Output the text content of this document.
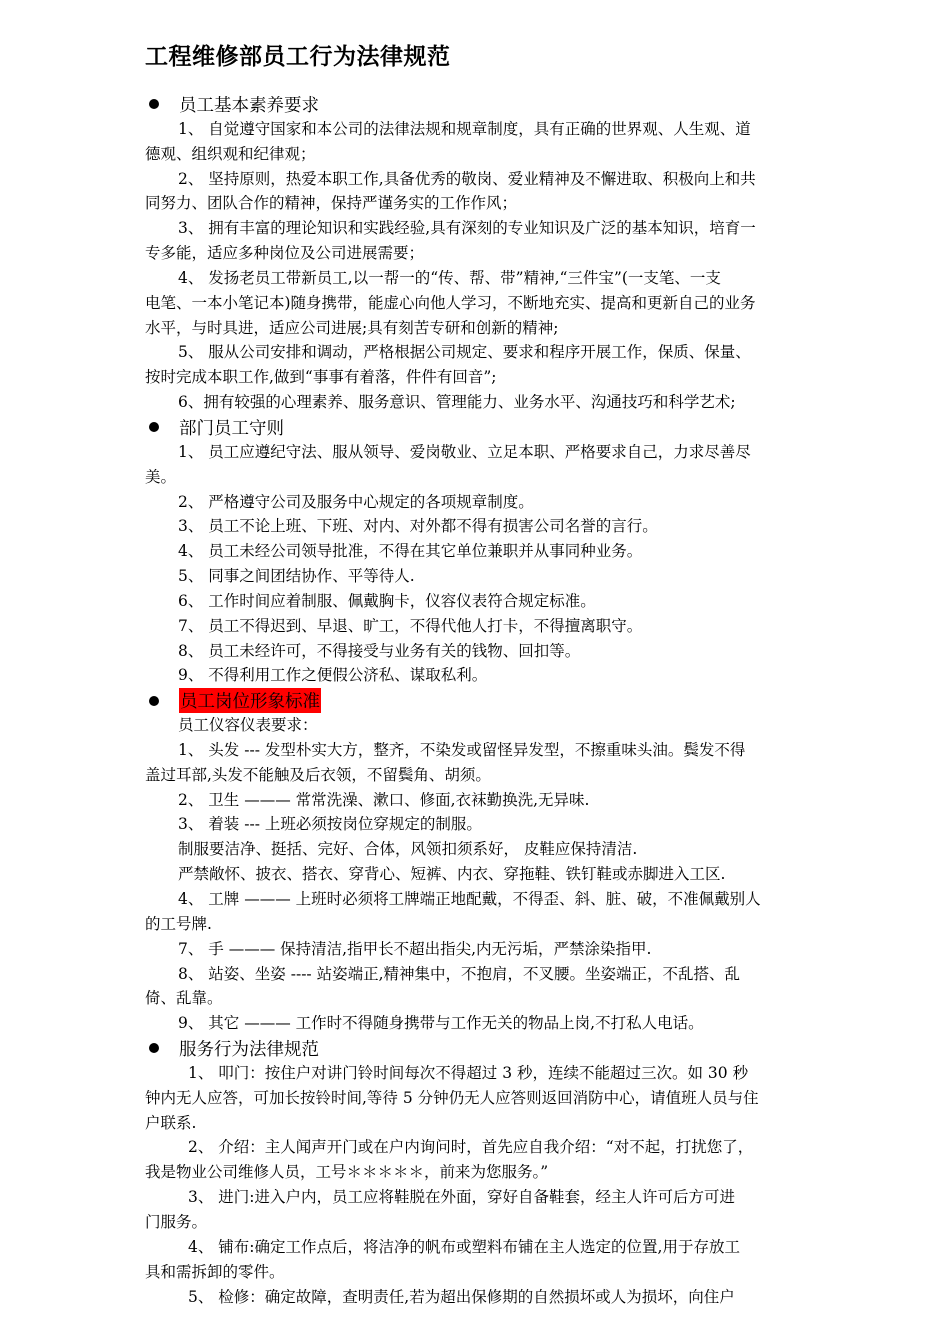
工程维修部员工行为法律规范
员工基本素养要求
1、 自觉遵守国家和本公司的法律法规和规章制度，具有正确的世界观、人生观、道
德观、组织观和纪律观；
2、 坚持原则，热爱本职工作,具备优秀的敬岗、爱业精神及不懈进取、积极向上和共
同努力、团队合作的精神，保持严谨务实的工作作风；
3、 拥有丰富的理论知识和实践经验,具有深刻的专业知识及广泛的基本知识，培育一
专多能，适应多种岗位及公司进展需要；
4、 发扬老员工带新员工,以一帮一的“传、帮、带”精神,“三件宝”(一支笔、一支
电笔、一本小笔记本)随身携带，能虚心向他人学习，不断地充实、提高和更新自己的业务
水平，与时具进，适应公司进展;具有刻苦专研和创新的精神;
5、 服从公司安排和调动，严格根据公司规定、要求和程序开展工作，保质、保量、
按时完成本职工作,做到“事事有着落，件件有回音”;
6、拥有较强的心理素养、服务意识、管理能力、业务水平、沟通技巧和科学艺术;
部门员工守则
1、 员工应遵纪守法、服从领导、爱岗敬业、立足本职、严格要求自己，力求尽善尽
美。
2、 严格遵守公司及服务中心规定的各项规章制度。
3、 员工不论上班、下班、对内、对外都不得有损害公司名誉的言行。
4、 员工未经公司领导批准，不得在其它单位兼职并从事同种业务。
5、 同事之间团结协作、平等待人.
6、 工作时间应着制服、佩戴胸卡，仪容仪表符合规定标准。
7、 员工不得迟到、早退、旷工，不得代他人打卡，不得擅离职守。
8、 员工未经许可，不得接受与业务有关的钱物、回扣等。
9、 不得利用工作之便假公济私、谋取私利。
员工岗位形象标准
员工仪容仪表要求：
1、 头发 --- 发型朴实大方，整齐，不染发或留怪异发型，不擦重味头油。鬓发不得
盖过耳部,头发不能触及后衣领，不留鬓角、胡须。
2、 卫生 ——— 常常洗澡、漱口、修面,衣袜勤换洗,无异味.
3、 着装 --- 上班必须按岗位穿规定的制服。
制服要洁净、挺括、完好、合体，风领扣须系好， 皮鞋应保持清洁.
严禁敞怀、披衣、搭衣、穿背心、短裤、内衣、穿拖鞋、铁钉鞋或赤脚进入工区.
4、 工牌 ——— 上班时必须将工牌端正地配戴，不得歪、斜、脏、破，不准佩戴别人
的工号牌.
7、 手 ——— 保持清洁,指甲长不超出指尖,内无污垢，严禁涂染指甲.
8、 站姿、坐姿 ---- 站姿端正,精神集中，不抱肩，不叉腰。坐姿端正，不乱搭、乱
倚、乱靠。
9、 其它 ——— 工作时不得随身携带与工作无关的物品上岗,不打私人电话。
服务行为法律规范
1、 叩门：按住户对讲门铃时间每次不得超过 3 秒，连续不能超过三次。如 30 秒
钟内无人应答，可加长按铃时间,等待 5 分钟仍无人应答则返回消防中心，请值班人员与住
户联系.
2、 介绍：主人闻声开门或在户内询问时，首先应自我介绍：“对不起，打扰您了，
我是物业公司维修人员，工号＊＊＊＊＊，前来为您服务。”
3、 进门:进入户内，员工应将鞋脱在外面，穿好自备鞋套，经主人许可后方可进
门服务。
4、 铺布:确定工作点后，将洁净的帆布或塑料布铺在主人选定的位置,用于存放工
具和需拆卸的零件。
5、 检修：确定故障，查明责任,若为超出保修期的自然损坏或人为损坏，向住户
